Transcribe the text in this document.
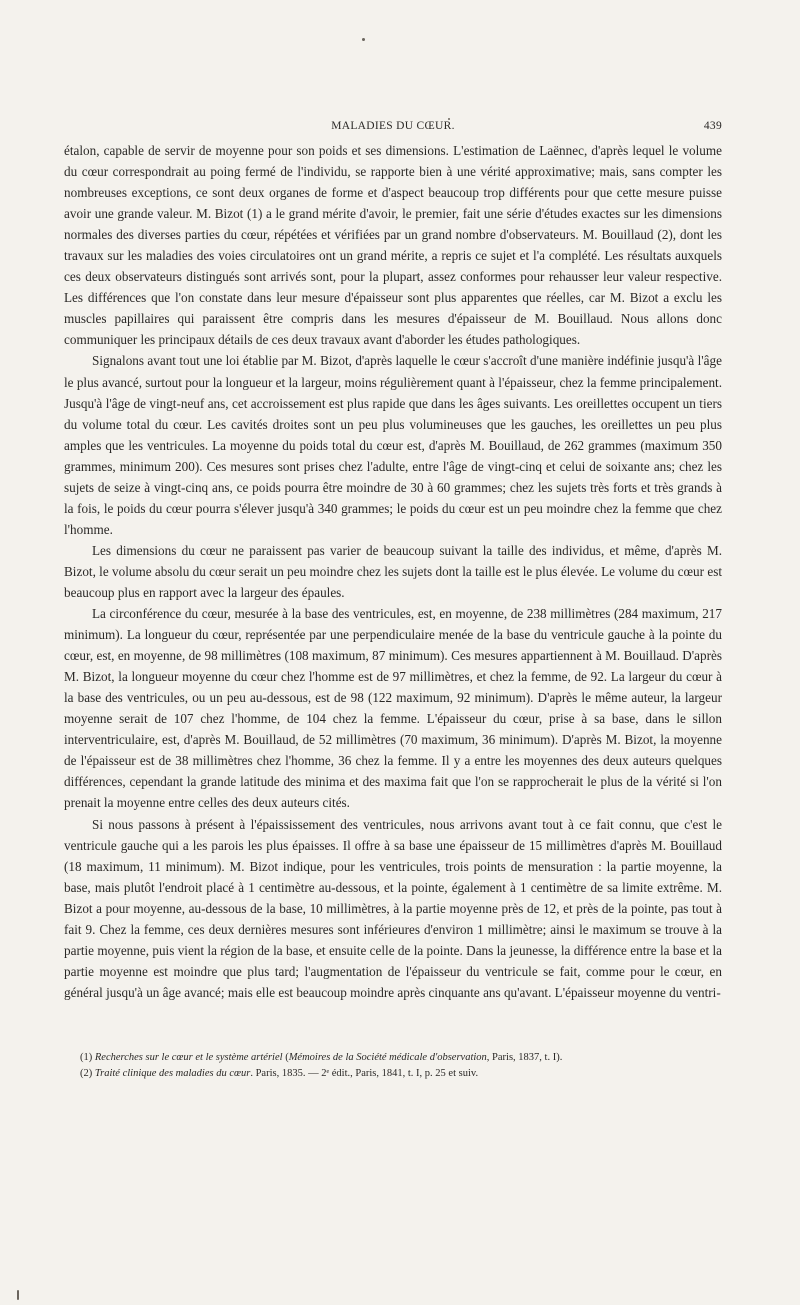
MALADIES DU CŒUR.	439

étalon, capable de servir de moyenne pour son poids et ses dimensions. L'estimation de Laënnec, d'après lequel le volume du cœur correspondrait au poing fermé de l'individu, se rapporte bien à une vérité approximative; mais, sans compter les nombreuses exceptions, ce sont deux organes de forme et d'aspect beaucoup trop différents pour que cette mesure puisse avoir une grande valeur. M. Bizot (1) a le grand mérite d'avoir, le premier, fait une série d'études exactes sur les dimensions normales des diverses parties du cœur, répétées et vérifiées par un grand nombre d'observateurs. M. Bouillaud (2), dont les travaux sur les maladies des voies circulatoires ont un grand mérite, a repris ce sujet et l'a complété. Les résultats auxquels ces deux observateurs distingués sont arrivés sont, pour la plupart, assez conformes pour rehausser leur valeur respective. Les différences que l'on constate dans leur mesure d'épaisseur sont plus apparentes que réelles, car M. Bizot a exclu les muscles papillaires qui paraissent être compris dans les mesures d'épaisseur de M. Bouillaud. Nous allons donc communiquer les principaux détails de ces deux travaux avant d'aborder les études pathologiques.

Signalons avant tout une loi établie par M. Bizot, d'après laquelle le cœur s'accroît d'une manière indéfinie jusqu'à l'âge le plus avancé, surtout pour la longueur et la largeur, moins régulièrement quant à l'épaisseur, chez la femme principalement. Jusqu'à l'âge de vingt-neuf ans, cet accroissement est plus rapide que dans les âges suivants. Les oreillettes occupent un tiers du volume total du cœur. Les cavités droites sont un peu plus volumineuses que les gauches, les oreillettes un peu plus amples que les ventricules. La moyenne du poids total du cœur est, d'après M. Bouillaud, de 262 grammes (maximum 350 grammes, minimum 200). Ces mesures sont prises chez l'adulte, entre l'âge de vingt-cinq et celui de soixante ans; chez les sujets de seize à vingt-cinq ans, ce poids pourra être moindre de 30 à 60 grammes; chez les sujets très forts et très grands à la fois, le poids du cœur pourra s'élever jusqu'à 340 grammes; le poids du cœur est un peu moindre chez la femme que chez l'homme.

Les dimensions du cœur ne paraissent pas varier de beaucoup suivant la taille des individus, et même, d'après M. Bizot, le volume absolu du cœur serait un peu moindre chez les sujets dont la taille est le plus élevée. Le volume du cœur est beaucoup plus en rapport avec la largeur des épaules.

La circonférence du cœur, mesurée à la base des ventricules, est, en moyenne, de 238 millimètres (284 maximum, 217 minimum). La longueur du cœur, représentée par une perpendiculaire menée de la base du ventricule gauche à la pointe du cœur, est, en moyenne, de 98 millimètres (108 maximum, 87 minimum). Ces mesures appartiennent à M. Bouillaud. D'après M. Bizot, la longueur moyenne du cœur chez l'homme est de 97 millimètres, et chez la femme, de 92. La largeur du cœur à la base des ventricules, ou un peu au-dessous, est de 98 (122 maximum, 92 minimum). D'après le même auteur, la largeur moyenne serait de 107 chez l'homme, de 104 chez la femme. L'épaisseur du cœur, prise à sa base, dans le sillon interventriculaire, est, d'après M. Bouillaud, de 52 millimètres (70 maximum, 36 minimum). D'après M. Bizot, la moyenne de l'épaisseur est de 38 millimètres chez l'homme, 36 chez la femme. Il y a entre les moyennes des deux auteurs quelques différences, cependant la grande latitude des minima et des maxima fait que l'on se rapprocherait le plus de la vérité si l'on prenait la moyenne entre celles des deux auteurs cités.

Si nous passons à présent à l'épaississement des ventricules, nous arrivons avant tout à ce fait connu, que c'est le ventricule gauche qui a les parois les plus épaisses. Il offre à sa base une épaisseur de 15 millimètres d'après M. Bouillaud (18 maximum, 11 minimum). M. Bizot indique, pour les ventricules, trois points de mensuration : la partie moyenne, la base, mais plutôt l'endroit placé à 1 centimètre au-dessous, et la pointe, également à 1 centimètre de sa limite extrême. M. Bizot a pour moyenne, au-dessous de la base, 10 millimètres, à la partie moyenne près de 12, et près de la pointe, pas tout à fait 9. Chez la femme, ces deux dernières mesures sont inférieures d'environ 1 millimètre; ainsi le maximum se trouve à la partie moyenne, puis vient la région de la base, et ensuite celle de la pointe. Dans la jeunesse, la différence entre la base et la partie moyenne est moindre que plus tard; l'augmentation de l'épaisseur du ventricule se fait, comme pour le cœur, en général jusqu'à un âge avancé; mais elle est beaucoup moindre après cinquante ans qu'avant. L'épaisseur moyenne du ventri-

(1) Recherches sur le cœur et le système artériel (Mémoires de la Société médicale d'observation, Paris, 1837, t. I).

(2) Traité clinique des maladies du cœur. Paris, 1835. — 2ᵉ édit., Paris, 1841, t. I, p. 25 et suiv.
